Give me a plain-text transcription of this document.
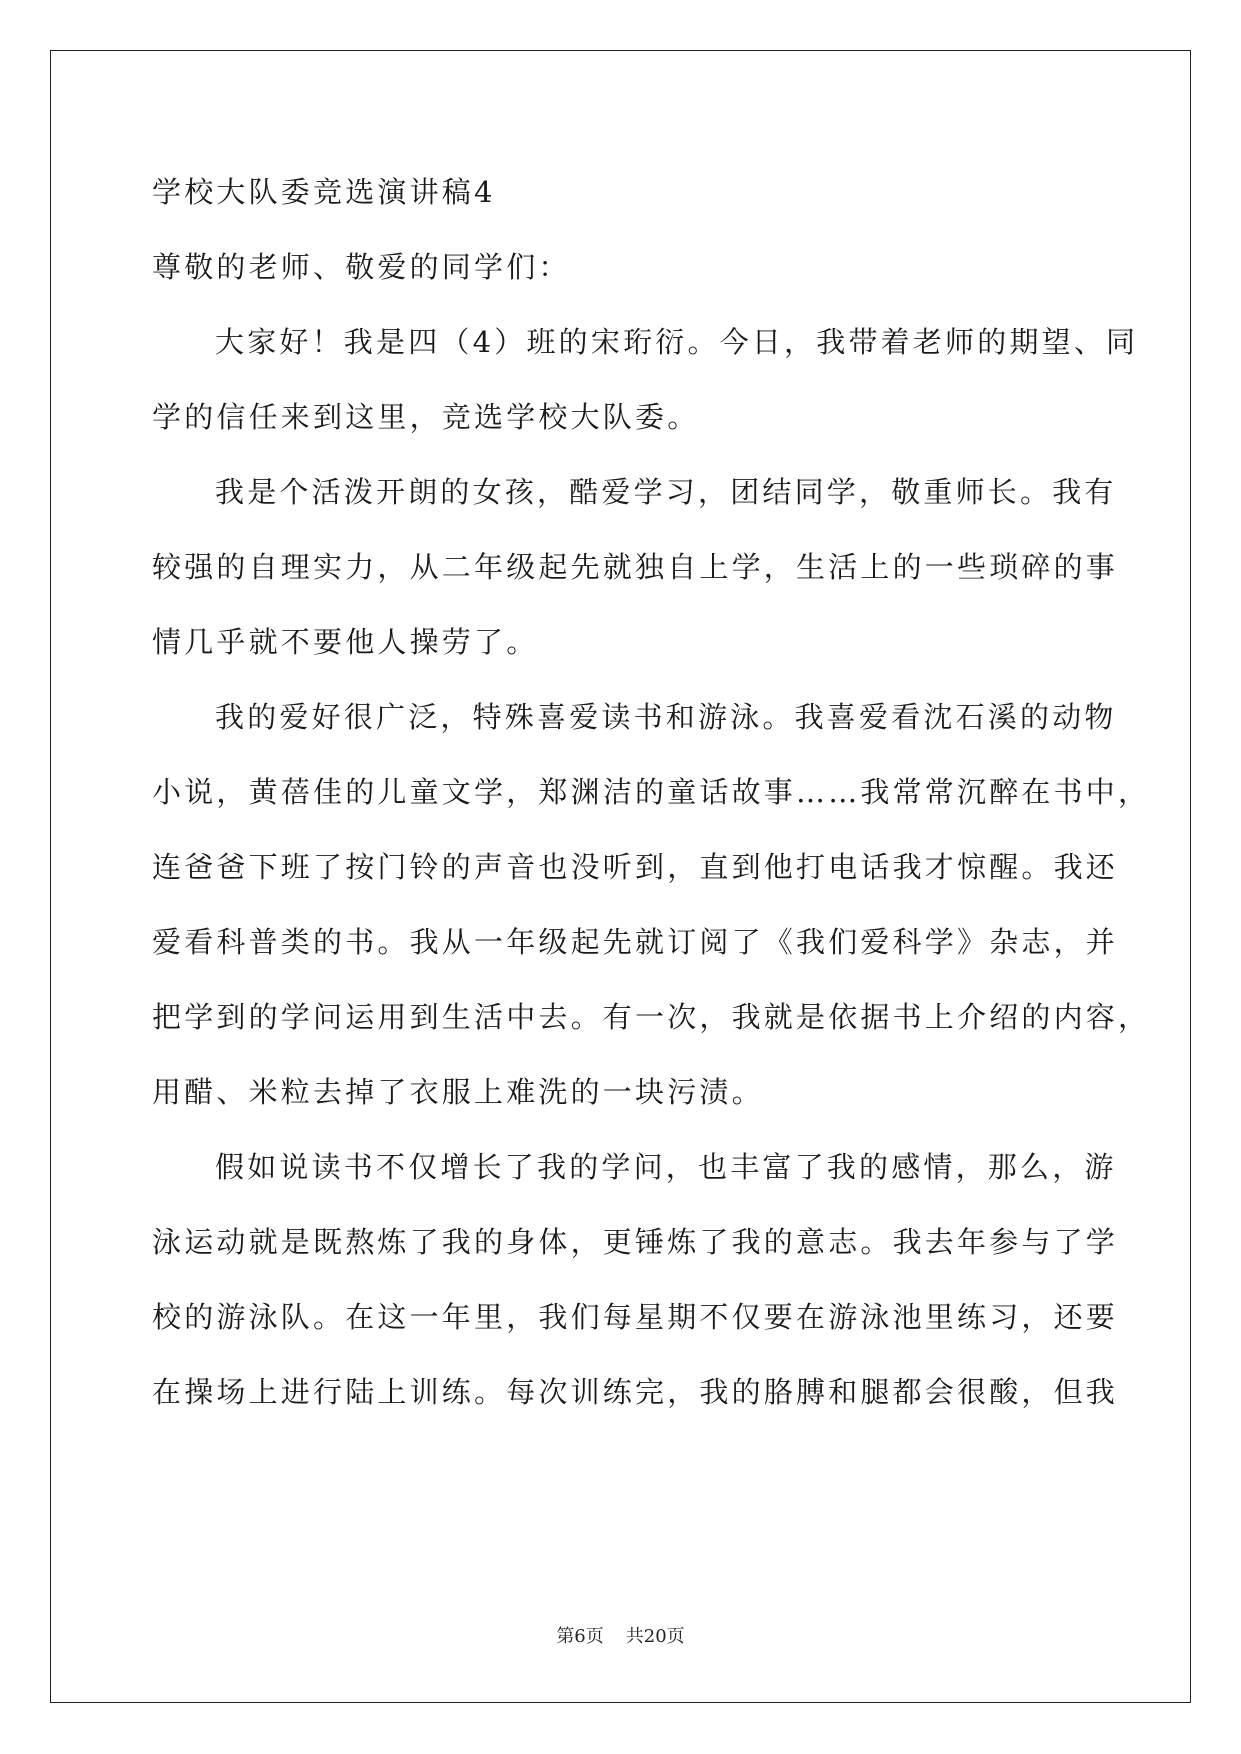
学校大队委竞选演讲稿4
尊敬的老师、敬爱的同学们：
大家好！我是四（4）班的宋珩衍。今日，我带着老师的期望、同
学的信任来到这里，竞选学校大队委。
我是个活泼开朗的女孩，酷爱学习，团结同学，敬重师长。我有
较强的自理实力，从二年级起先就独自上学，生活上的一些琐碎的事
情几乎就不要他人操劳了。
我的爱好很广泛，特殊喜爱读书和游泳。我喜爱看沈石溪的动物
小说，黄蓓佳的儿童文学，郑渊洁的童话故事……我常常沉醉在书中，
连爸爸下班了按门铃的声音也没听到，直到他打电话我才惊醒。我还
爱看科普类的书。我从一年级起先就订阅了《我们爱科学》杂志，并
把学到的学问运用到生活中去。有一次，我就是依据书上介绍的内容，
用醋、米粒去掉了衣服上难洗的一块污渍。
假如说读书不仅增长了我的学问，也丰富了我的感情，那么，游
泳运动就是既熬炼了我的身体，更锤炼了我的意志。我去年参与了学
校的游泳队。在这一年里，我们每星期不仅要在游泳池里练习，还要
在操场上进行陆上训练。每次训练完，我的胳膊和腿都会很酸，但我
第6页 共20页
